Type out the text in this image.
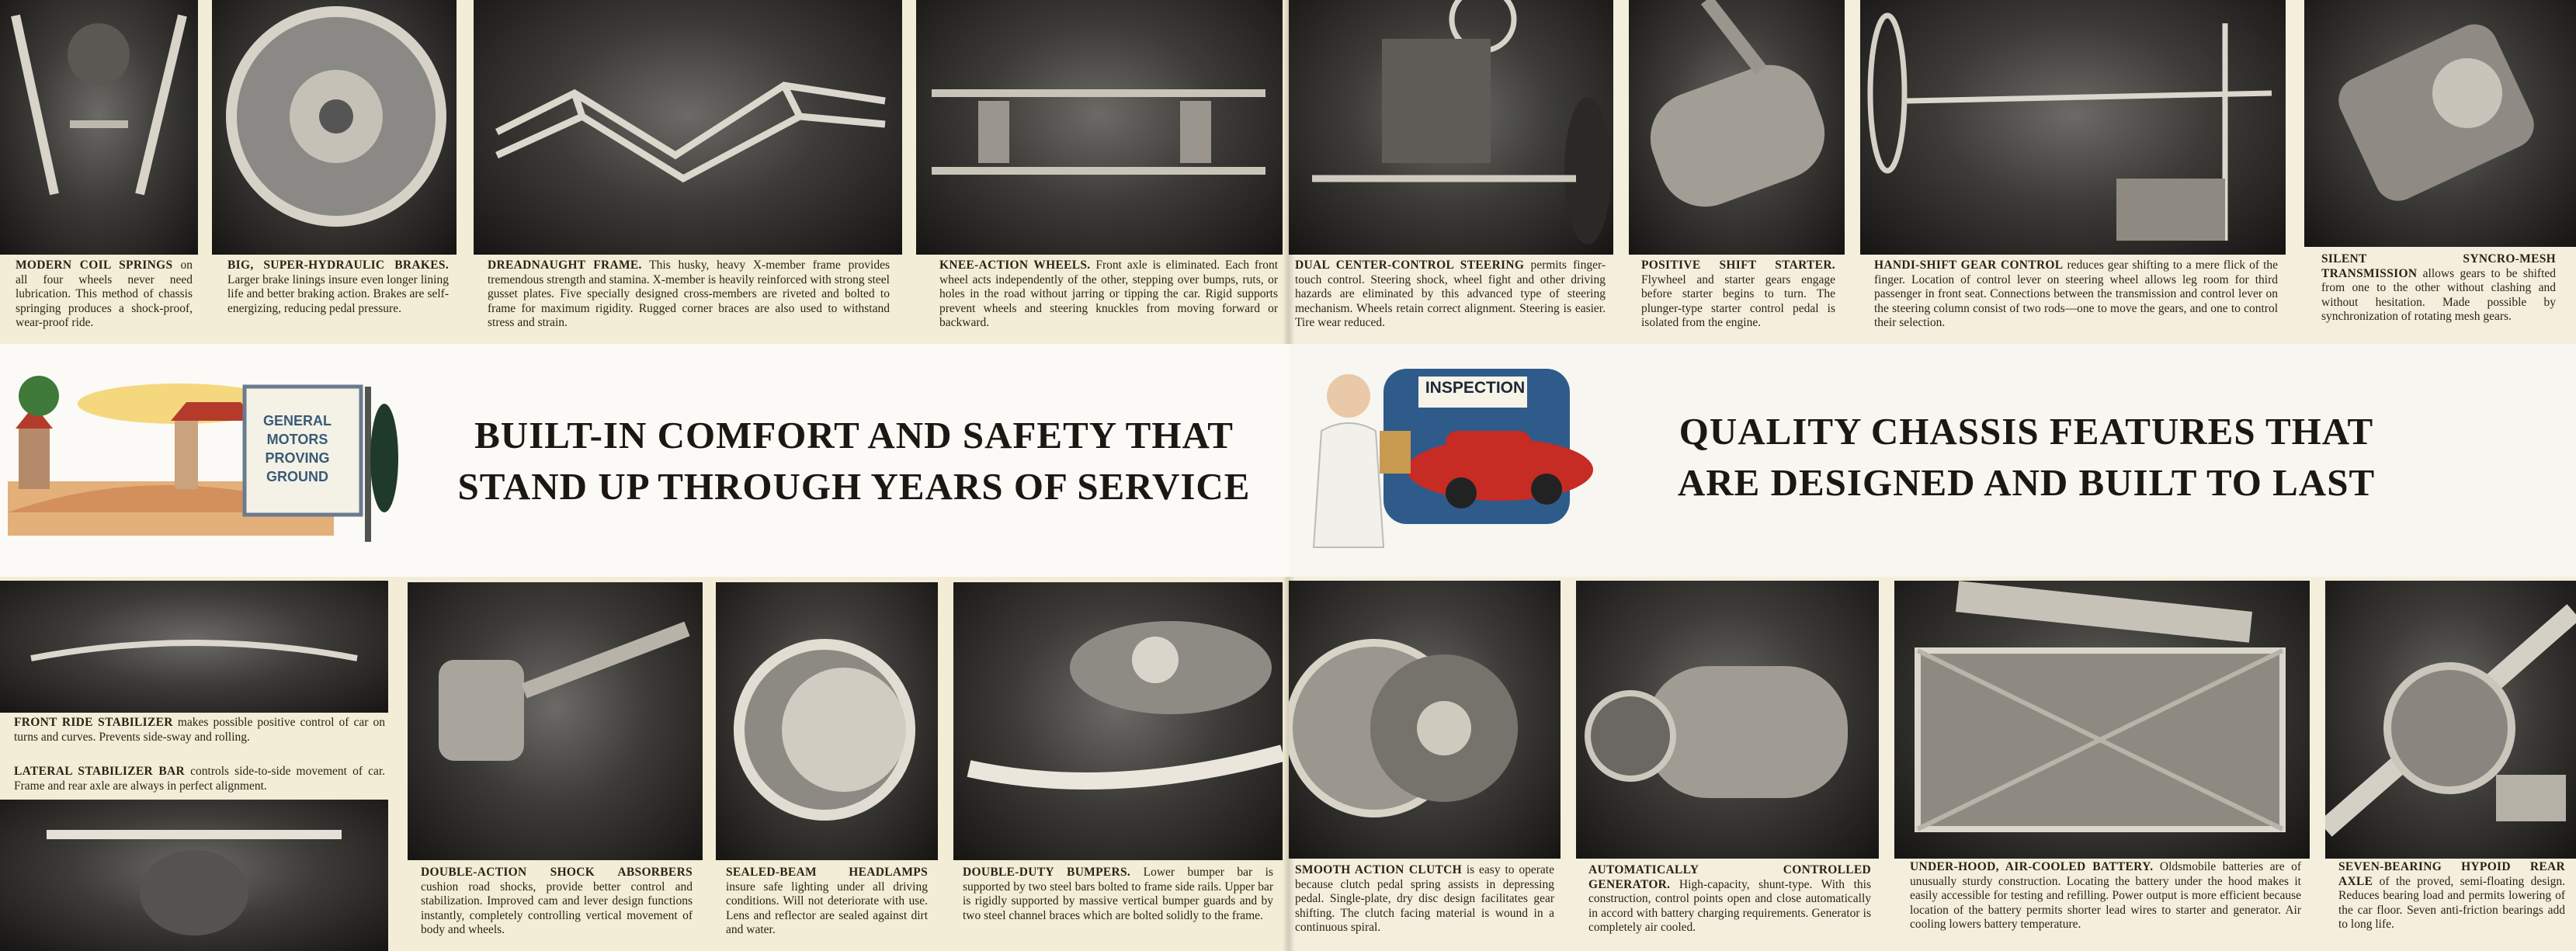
MODERN COIL SPRINGS on all four wheels never need lubrication. This method of chassis springing produces a shock-proof, wear-proof ride.
BIG, SUPER-HYDRAULIC BRAKES. Larger brake linings insure even longer lining life and better braking action. Brakes are self-energizing, reducing pedal pressure.
DREADNAUGHT FRAME. This husky, heavy X-member frame provides tremendous strength and stamina. X-member is heavily reinforced with strong steel gusset plates. Five specially designed cross-members are riveted and bolted to frame for maximum rigidity. Rugged corner braces are also used to withstand stress and strain.
KNEE-ACTION WHEELS. Front axle is eliminated. Each front wheel acts independently of the other, stepping over bumps, ruts, or holes in the road without jarring or tipping the car. Rigid supports prevent wheels and steering knuckles from moving forward or backward.
GENERAL
MOTORS
PROVING
GROUND
BUILT-IN COMFORT AND SAFETY THAT
STAND UP THROUGH YEARS OF SERVICE
FRONT RIDE STABILIZER makes possible positive control of car on turns and curves. Prevents side-sway and rolling.
LATERAL STABILIZER BAR controls side-to-side movement of car. Frame and rear axle are always in perfect alignment.
DOUBLE-ACTION SHOCK ABSORBERS cushion road shocks, provide better control and stabilization. Improved cam and lever design functions instantly, completely controlling vertical movement of body and wheels.
SEALED-BEAM HEADLAMPS insure safe lighting under all driving conditions. Will not deteriorate with use. Lens and reflector are sealed against dirt and water.
DOUBLE-DUTY BUMPERS. Lower bumper bar is supported by two steel bars bolted to frame side rails. Upper bar is rigidly supported by massive vertical bumper guards and by two steel channel braces which are bolted solidly to the frame.
DUAL CENTER-CONTROL STEERING permits finger-touch control. Steering shock, wheel fight and other driving hazards are eliminated by this advanced type of steering mechanism. Wheels retain correct alignment. Steering is easier. Tire wear reduced.
POSITIVE SHIFT STARTER. Flywheel and starter gears engage before starter begins to turn. The plunger-type starter control pedal is isolated from the engine.
HANDI-SHIFT GEAR CONTROL reduces gear shifting to a mere flick of the finger. Location of control lever on steering wheel allows leg room for third passenger in front seat. Connections between the transmission and control lever on the steering column consist of two rods—one to move the gears, and one to control their selection.
SILENT SYNCRO-MESH TRANSMISSION allows gears to be shifted from one to the other without clashing and without hesitation. Made possible by synchronization of rotating mesh gears.
INSPECTION
QUALITY CHASSIS FEATURES THAT
ARE DESIGNED AND BUILT TO LAST
SMOOTH ACTION CLUTCH is easy to operate because clutch pedal spring assists in depressing pedal. Single-plate, dry disc design facilitates gear shifting. The clutch facing material is wound in a continuous spiral.
AUTOMATICALLY CONTROLLED GENERATOR. High-capacity, shunt-type. With this construction, control points open and close automatically in accord with battery charging requirements. Generator is completely air cooled.
UNDER-HOOD, AIR-COOLED BATTERY. Oldsmobile batteries are of unusually sturdy construction. Locating the battery under the hood makes it easily accessible for testing and refilling. Power output is more efficient because location of the battery permits shorter lead wires to starter and generator. Air cooling lowers battery temperature.
SEVEN-BEARING HYPOID REAR AXLE of the proved, semi-floating design. Reduces bearing load and permits lowering of the car floor. Seven anti-friction bearings add to long life.
